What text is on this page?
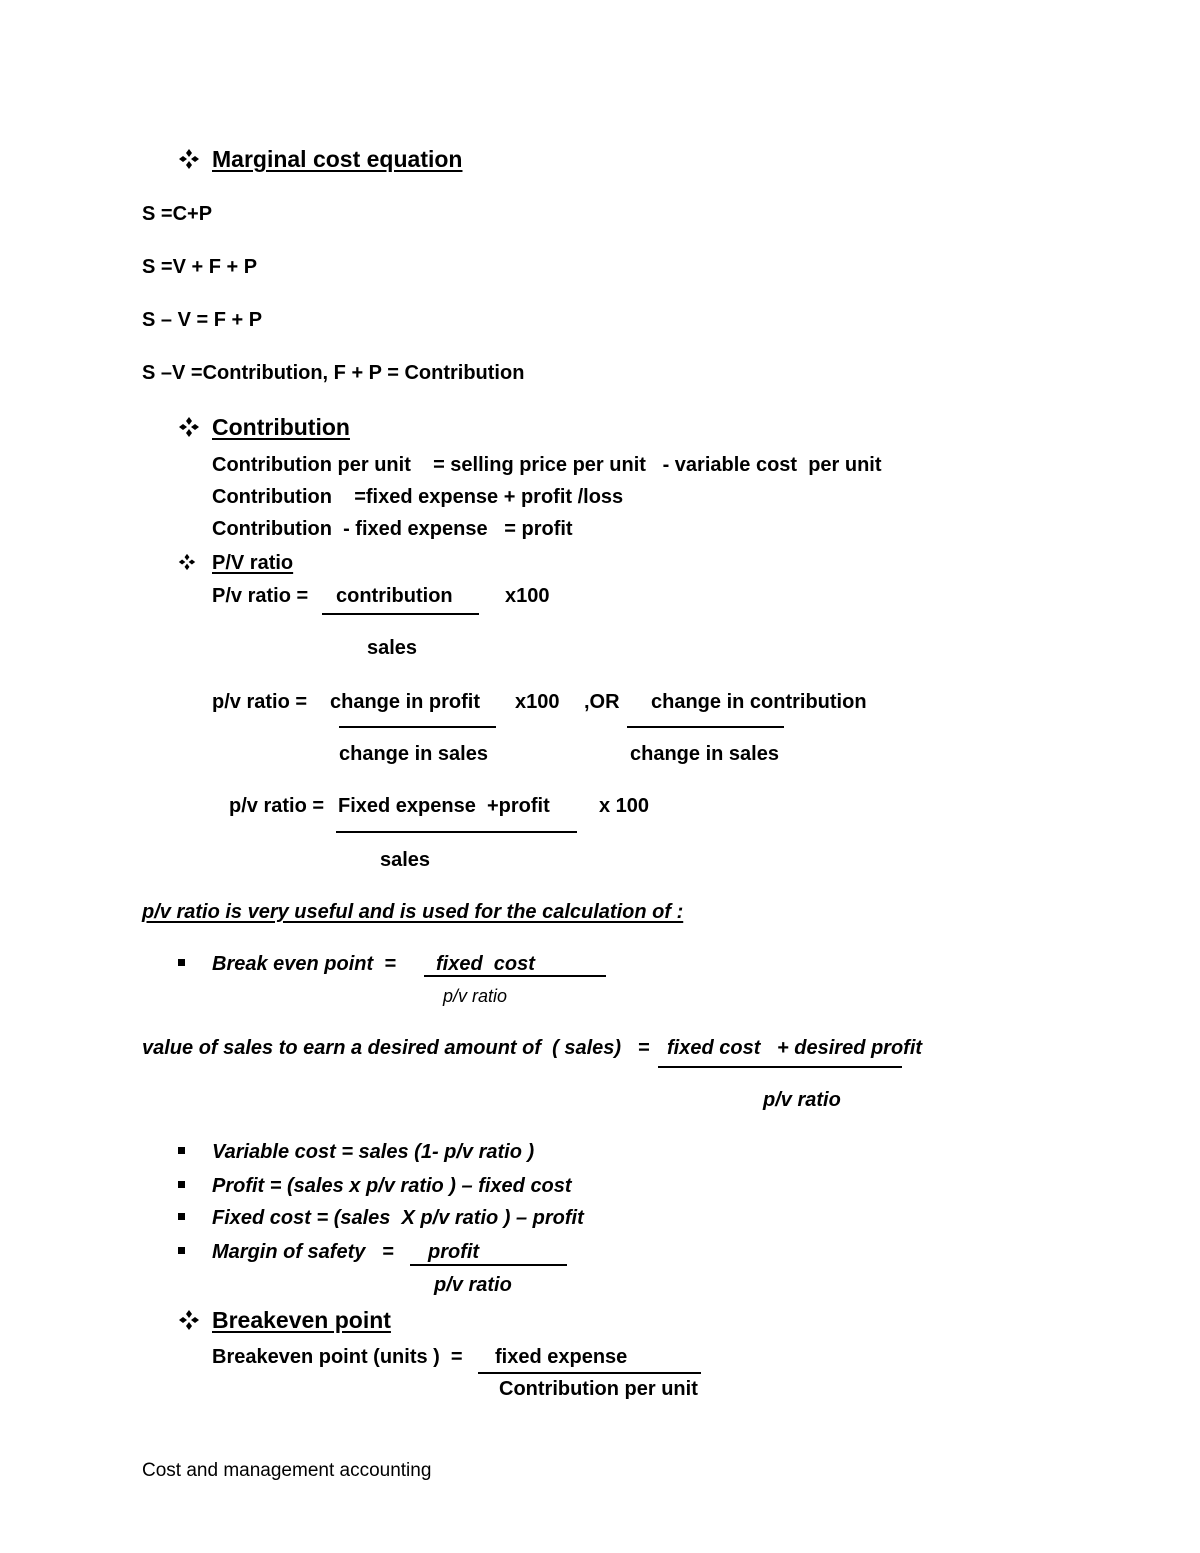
Marginal cost equation
S =C+P
S =V + F + P
S – V = F + P
S –V =Contribution, F + P = Contribution
Contribution
Contribution per unit    = selling price per unit   - variable cost  per unit
Contribution    =fixed expense + profit /loss
Contribution  - fixed expense   = profit
P/V ratio
P/v ratio = contribution	x100
sales
p/v ratio = change in profit x100 ,OR change in contribution
change in sales	change in sales
p/v ratio = Fixed expense  +profit x 100
sales
p/v ratio is very useful and is used for the calculation of :
Break even point  = fixed  cost
p/v ratio
value of sales to earn a desired amount of  ( sales)   = fixed cost   + desired profit
p/v ratio
Variable cost = sales (1- p/v ratio )
Profit = (sales x p/v ratio ) – fixed cost
Fixed cost = (sales  X p/v ratio ) – profit
Margin of safety   = profit
p/v ratio
Breakeven point
Breakeven point (units )  = fixed expense
Contribution per unit
Cost and management accounting
